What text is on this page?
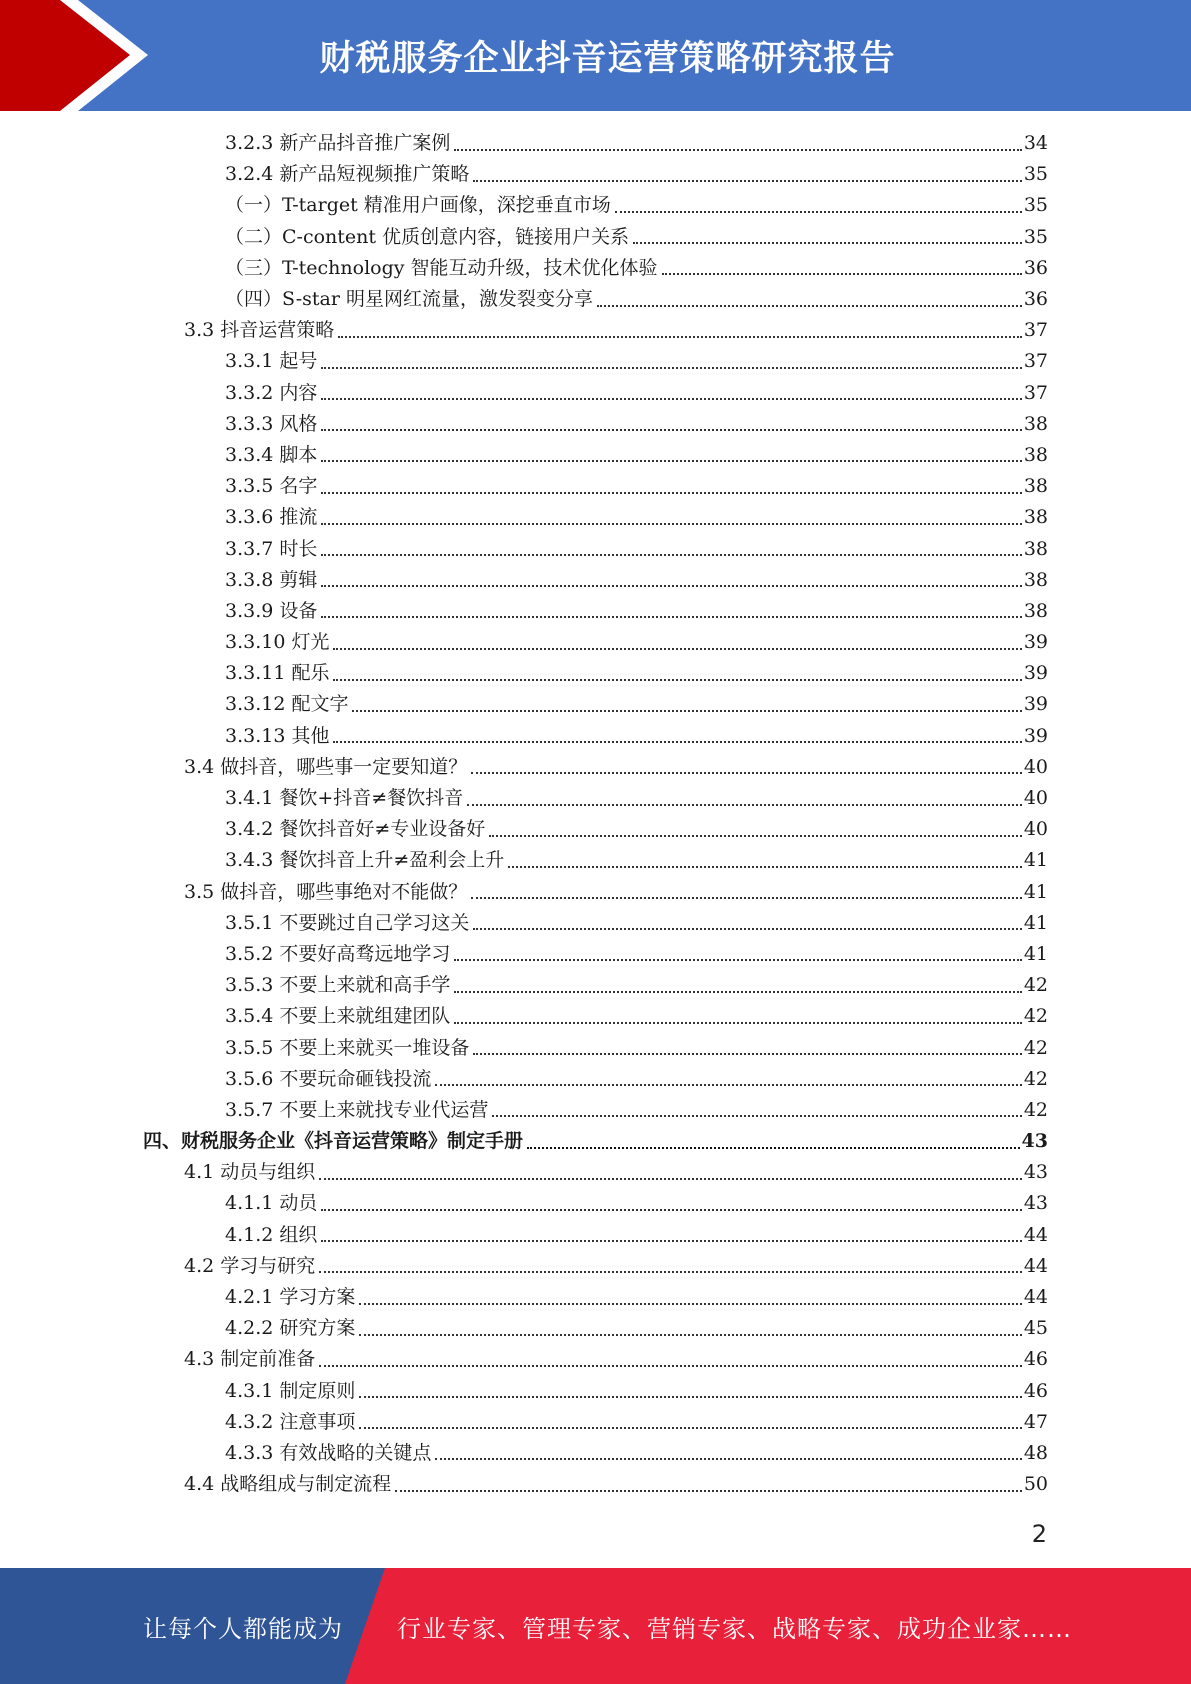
财税服务企业抖音运营策略研究报告
3.2.3 新产品抖音推广案例	34
3.2.4 新产品短视频推广策略	35
（一）T-target 精准用户画像，深挖垂直市场	35
（二）C-content 优质创意内容，链接用户关系	35
（三）T-technology 智能互动升级，技术优化体验	36
（四）S-star 明星网红流量，激发裂变分享	36
3.3 抖音运营策略	37
3.3.1 起号	37
3.3.2 内容	37
3.3.3 风格	38
3.3.4 脚本	38
3.3.5 名字	38
3.3.6 推流	38
3.3.7 时长	38
3.3.8 剪辑	38
3.3.9 设备	38
3.3.10 灯光	39
3.3.11 配乐	39
3.3.12 配文字	39
3.3.13 其他	39
3.4 做抖音，哪些事一定要知道？	40
3.4.1 餐饮+抖音≠餐饮抖音	40
3.4.2 餐饮抖音好≠专业设备好	40
3.4.3 餐饮抖音上升≠盈利会上升	41
3.5 做抖音，哪些事绝对不能做？	41
3.5.1 不要跳过自己学习这关	41
3.5.2 不要好高骛远地学习	41
3.5.3 不要上来就和高手学	42
3.5.4 不要上来就组建团队	42
3.5.5 不要上来就买一堆设备	42
3.5.6 不要玩命砸钱投流	42
3.5.7 不要上来就找专业代运营	42
四、财税服务企业《抖音运营策略》制定手册	43
4.1 动员与组织	43
4.1.1 动员	43
4.1.2 组织	44
4.2 学习与研究	44
4.2.1 学习方案	44
4.2.2 研究方案	45
4.3 制定前准备	46
4.3.1 制定原则	46
4.3.2 注意事项	47
4.3.3 有效战略的关键点	48
4.4 战略组成与制定流程	50
2
让每个人都能成为 行业专家、管理专家、营销专家、战略专家、成功企业家……
